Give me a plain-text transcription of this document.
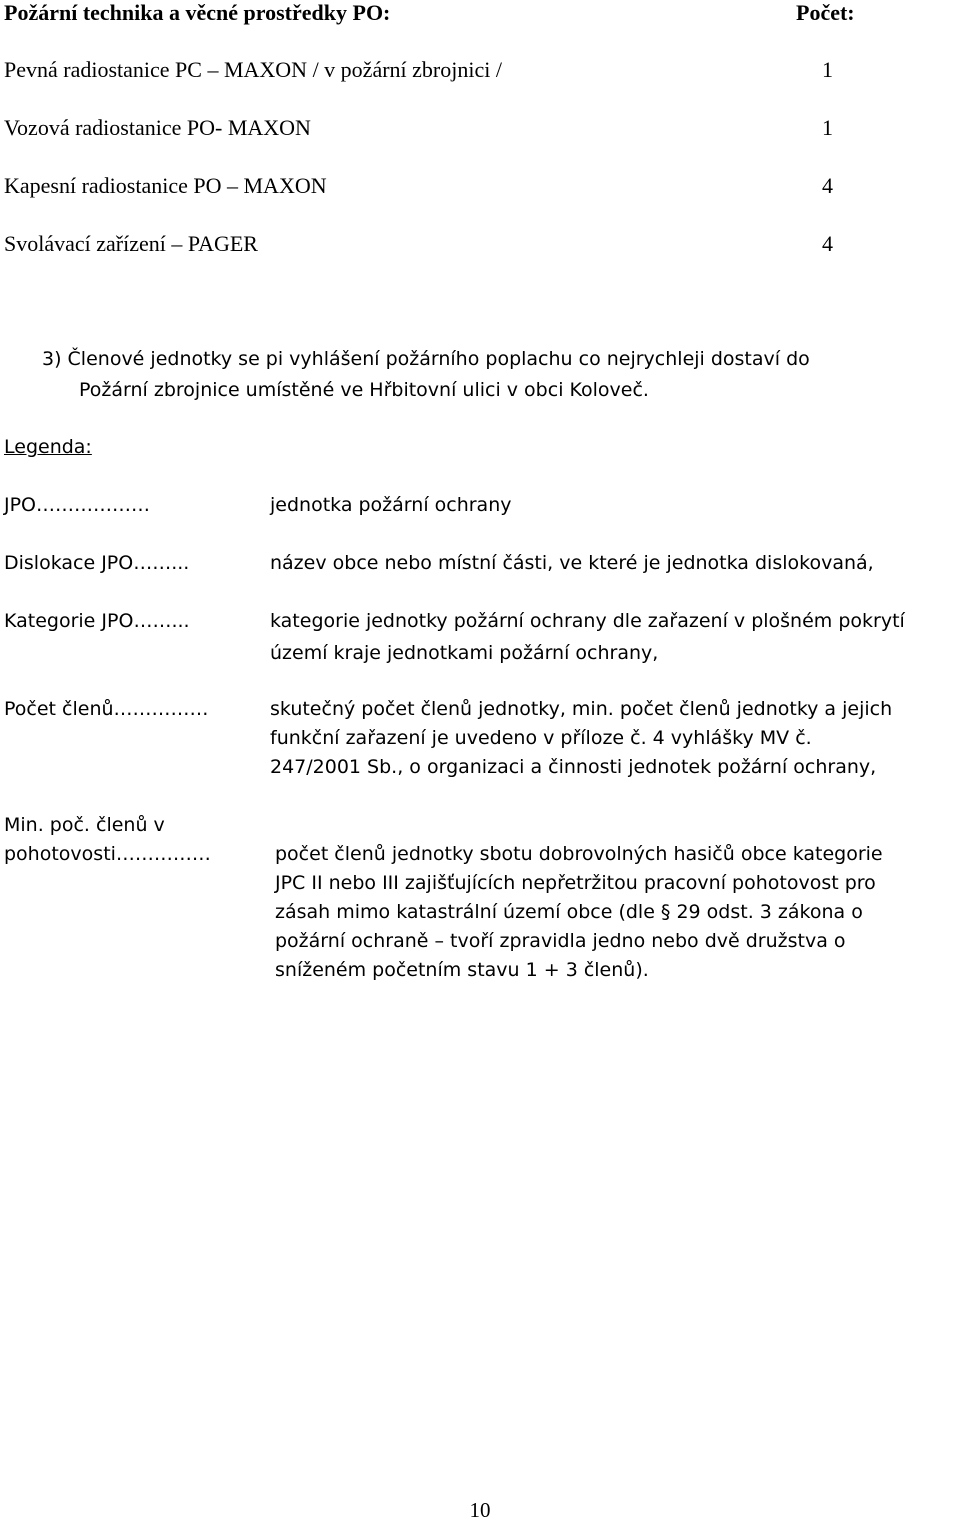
Požární technika a věcné prostředky PO:	Počet:
Pevná radiostanice PC – MAXON / v požární zbrojnici /	1
Vozová radiostanice PO- MAXON	1
Kapesní radiostanice PO – MAXON	4
Svolávací zařízení – PAGER	4
3) Členové jednotky se pi vyhlášení požárního poplachu co nejrychleji dostaví do
Požární zbrojnice umístěné ve Hřbitovní ulici v obci Koloveč.
Legenda:
JPO………………	jednotka požární ochrany
Dislokace JPO……...	název obce nebo místní části, ve které je jednotka dislokovaná,
Kategorie JPO……...	kategorie jednotky požární ochrany dle zařazení v plošném pokrytí
území kraje jednotkami požární ochrany,
Počet členů……………	skutečný počet členů jednotky, min. počet členů jednotky a jejich
funkční zařazení je uvedeno v příloze č. 4 vyhlášky MV č.
247/2001 Sb., o organizaci a činnosti jednotek požární ochrany,
Min. poč. členů v
pohotovosti……………	počet členů jednotky sbotu dobrovolných hasičů obce kategorie
JPC II nebo III zajišťujících nepřetržitou pracovní pohotovost pro
zásah mimo katastrální území obce (dle § 29 odst. 3 zákona o
požární ochraně – tvoří zpravidla jedno nebo dvě družstva o
sníženém početním stavu 1 + 3 členů).
10
